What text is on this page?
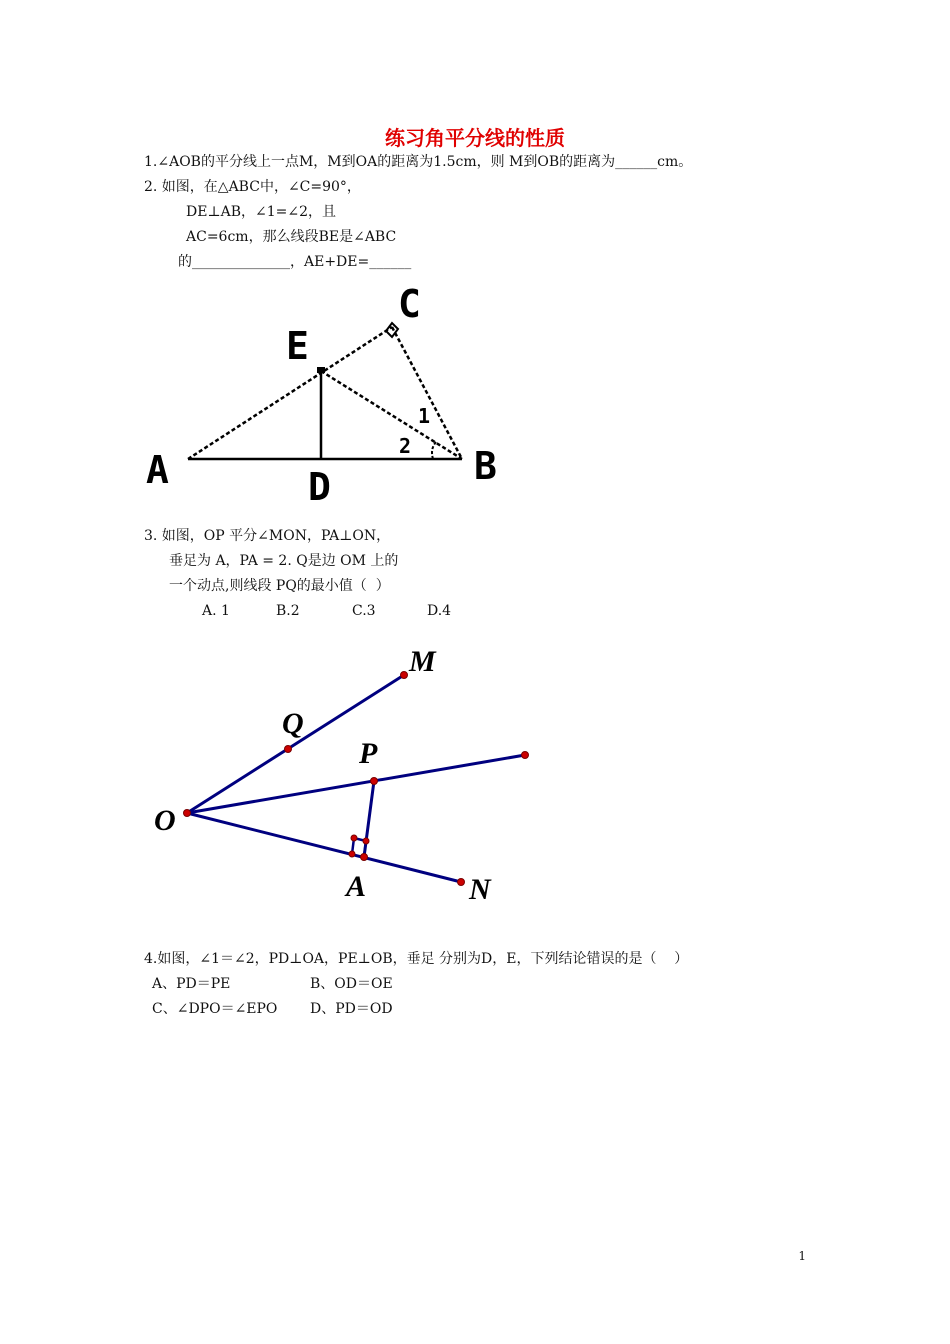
练习角平分线的性质
1.∠AOB的平分线上一点M，M到OA的距离为1.5cm，则 M到OB的距离为______cm。
2. 如图，在△ABC中，∠C=90°，
DE⊥AB，∠1=∠2，且
AC=6cm，那么线段BE是∠ABC
的______________，AE+DE=______
A	B
C
D
E
1
2
3. 如图，OP 平分∠MON，PA⊥ON，
垂足为 A，PA = 2. Q是边 OM 上的
一个动点,则线段 PQ的最小值（  ）
A. 1	B.2	C.3	D.4
M
Q
P
O
A	N
4.如图，∠1＝∠2，PD⊥OA，PE⊥OB，垂足 分别为D，E，下列结论错误的是（    ）
A、PD＝PE	B、OD＝OE
C、∠DPO＝∠EPO D、PD＝OD
1
